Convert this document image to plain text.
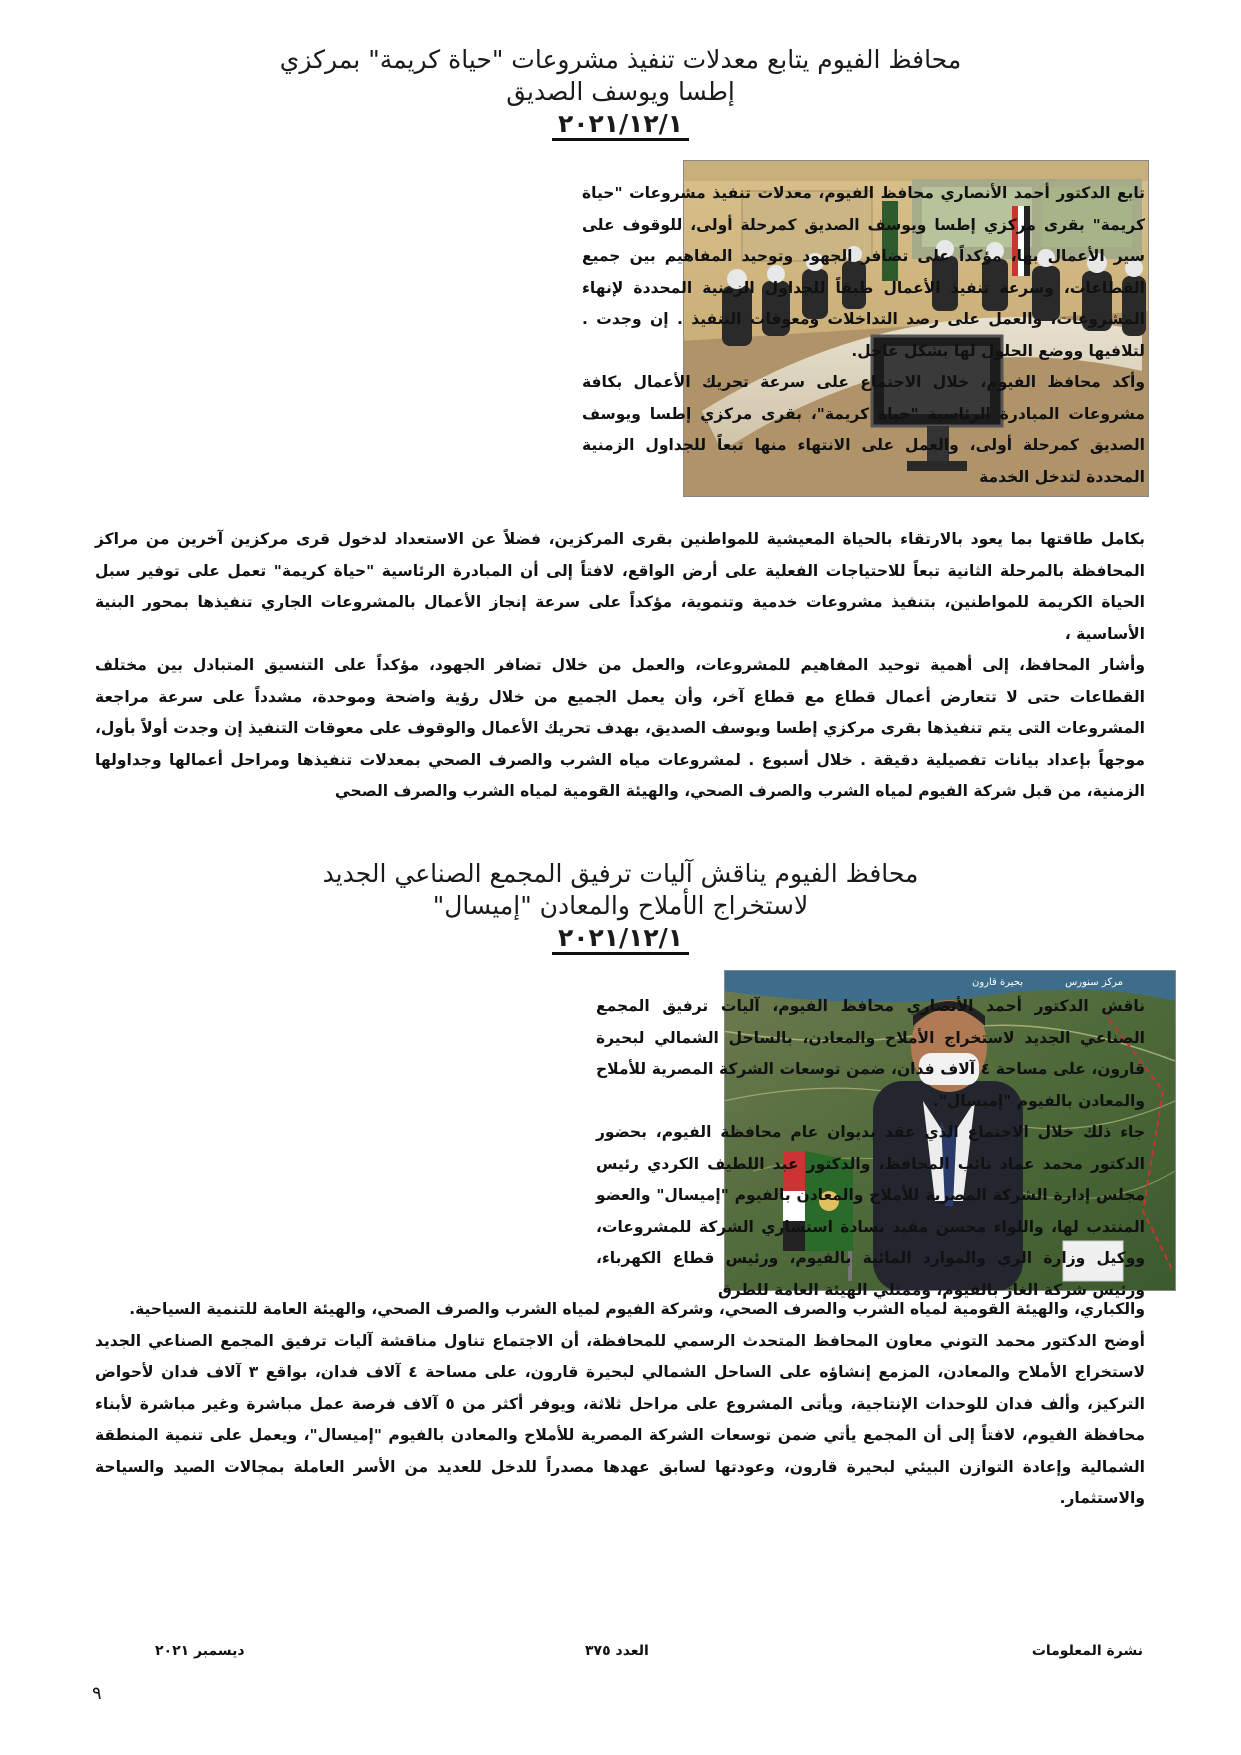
محافظ الفيوم يتابع معدلات تنفيذ مشروعات "حياة كريمة" بمركزي
إطسا ويوسف الصديق
٢٠٢١/١٢/١

تابع الدكتور أحمد الأنصاري محافظ الفيوم، معدلات تنفيذ مشروعات "حياة كريمة" بقرى مركزي إطسا ويوسف الصديق كمرحلة أولى، للوقوف على سير الأعمال بها، مؤكداً على تضافر الجهود وتوحيد المفاهيم بين جميع القطاعات، وسرعة تنفيذ الأعمال طبقاً للجداول الزمنية المحددة لإنهاء المشروعات، والعمل على رصد التداخلات ومعوقات التنفيذ . إن وجدت . لتلافيها ووضع الحلول لها بشكل عاجل.

وأكد محافظ الفيوم، خلال الاجتماع على سرعة تحريك الأعمال بكافة مشروعات المبادرة الرئاسية "حياة كريمة"، بقرى مركزي إطسا ويوسف الصديق كمرحلة أولى، والعمل على الانتهاء منها تبعاً للجداول الزمنية المحددة لتدخل الخدمة

بكامل طاقتها بما يعود بالارتقاء بالحياة المعيشية للمواطنين بقرى المركزين، فضلاً عن الاستعداد لدخول قرى مركزين آخرين من مراكز المحافظة بالمرحلة الثانية تبعاً للاحتياجات الفعلية على أرض الواقع، لافتاً إلى أن المبادرة الرئاسية "حياة كريمة" تعمل على توفير سبل الحياة الكريمة للمواطنين، بتنفيذ مشروعات خدمية وتنموية، مؤكداً على سرعة إنجاز الأعمال بالمشروعات الجاري تنفيذها بمحور البنية الأساسية ،

وأشار المحافظ، إلى أهمية توحيد المفاهيم للمشروعات، والعمل من خلال تضافر الجهود، مؤكداً على التنسيق المتبادل بين مختلف القطاعات حتى لا تتعارض أعمال قطاع مع قطاع آخر، وأن يعمل الجميع من خلال رؤية واضحة وموحدة، مشدداً على سرعة مراجعة المشروعات التى يتم تنفيذها بقرى مركزي إطسا ويوسف الصديق، بهدف تحريك الأعمال والوقوف على معوقات التنفيذ إن وجدت أولاً بأول، موجهاً بإعداد بيانات تفصيلية دقيقة . خلال أسبوع . لمشروعات مياه الشرب والصرف الصحي بمعدلات تنفيذها ومراحل أعمالها وجداولها الزمنية، من قبل شركة الفيوم لمياه الشرب والصرف الصحي، والهيئة القومية لمياه الشرب والصرف الصحي

محافظ الفيوم يناقش آليات ترفيق المجمع الصناعي الجديد
لاستخراج الأملاح والمعادن "إميسال"
٢٠٢١/١٢/١
بحيرة قارون	مركز سنورس

ناقش الدكتور أحمد الأنصاري محافظ الفيوم، آليات ترفيق المجمع الصناعي الجديد لاستخراج الأملاح والمعادن، بالساحل الشمالي لبحيرة قارون، على مساحة ٤ آلاف فدان، ضمن توسعات الشركة المصرية للأملاح والمعادن بالفيوم "إميسال".

جاء ذلك خلال الاجتماع الذي عقد بديوان عام محافظة الفيوم، بحضور الدكتور محمد عماد نائب المحافظ، والدكتور عبد اللطيف الكردي رئيس مجلس إدارة الشركة المصرية للأملاح والمعادن بالفيوم "إميسال" والعضو المنتدب لها، واللواء محسن مفيد بسادة استشاري الشركة للمشروعات، ووكيل وزارة الري والموارد المائية بالفيوم، ورئيس قطاع الكهرباء، ورئيس شركة الغاز بالفيوم، وممثلي الهيئة العامة للطرق

والكباري، والهيئة القومية لمياه الشرب والصرف الصحي، وشركة الفيوم لمياه الشرب والصرف الصحي، والهيئة العامة للتنمية السياحية.

أوضح الدكتور محمد التوني معاون المحافظ المتحدث الرسمي للمحافظة، أن الاجتماع تناول مناقشة آليات ترفيق المجمع الصناعي الجديد لاستخراج الأملاح والمعادن، المزمع إنشاؤه على الساحل الشمالي لبحيرة قارون، على مساحة ٤ آلاف فدان، بواقع ٣ آلاف فدان لأحواض التركيز، وألف فدان للوحدات الإنتاجية، ويأتى المشروع على مراحل ثلاثة، ويوفر أكثر من ٥ آلاف فرصة عمل مباشرة وغير مباشرة لأبناء محافظة الفيوم، لافتاً إلى أن المجمع يأتي ضمن توسعات الشركة المصرية للأملاح والمعادن بالفيوم "إميسال"، ويعمل على تنمية المنطقة الشمالية وإعادة التوازن البيئي لبحيرة قارون، وعودتها لسابق عهدها مصدراً للدخل للعديد من الأسر العاملة بمجالات الصيد والسياحة والاستثمار.

نشرة المعلومات
العدد ٣٧٥
ديسمبر ٢٠٢١
٩
